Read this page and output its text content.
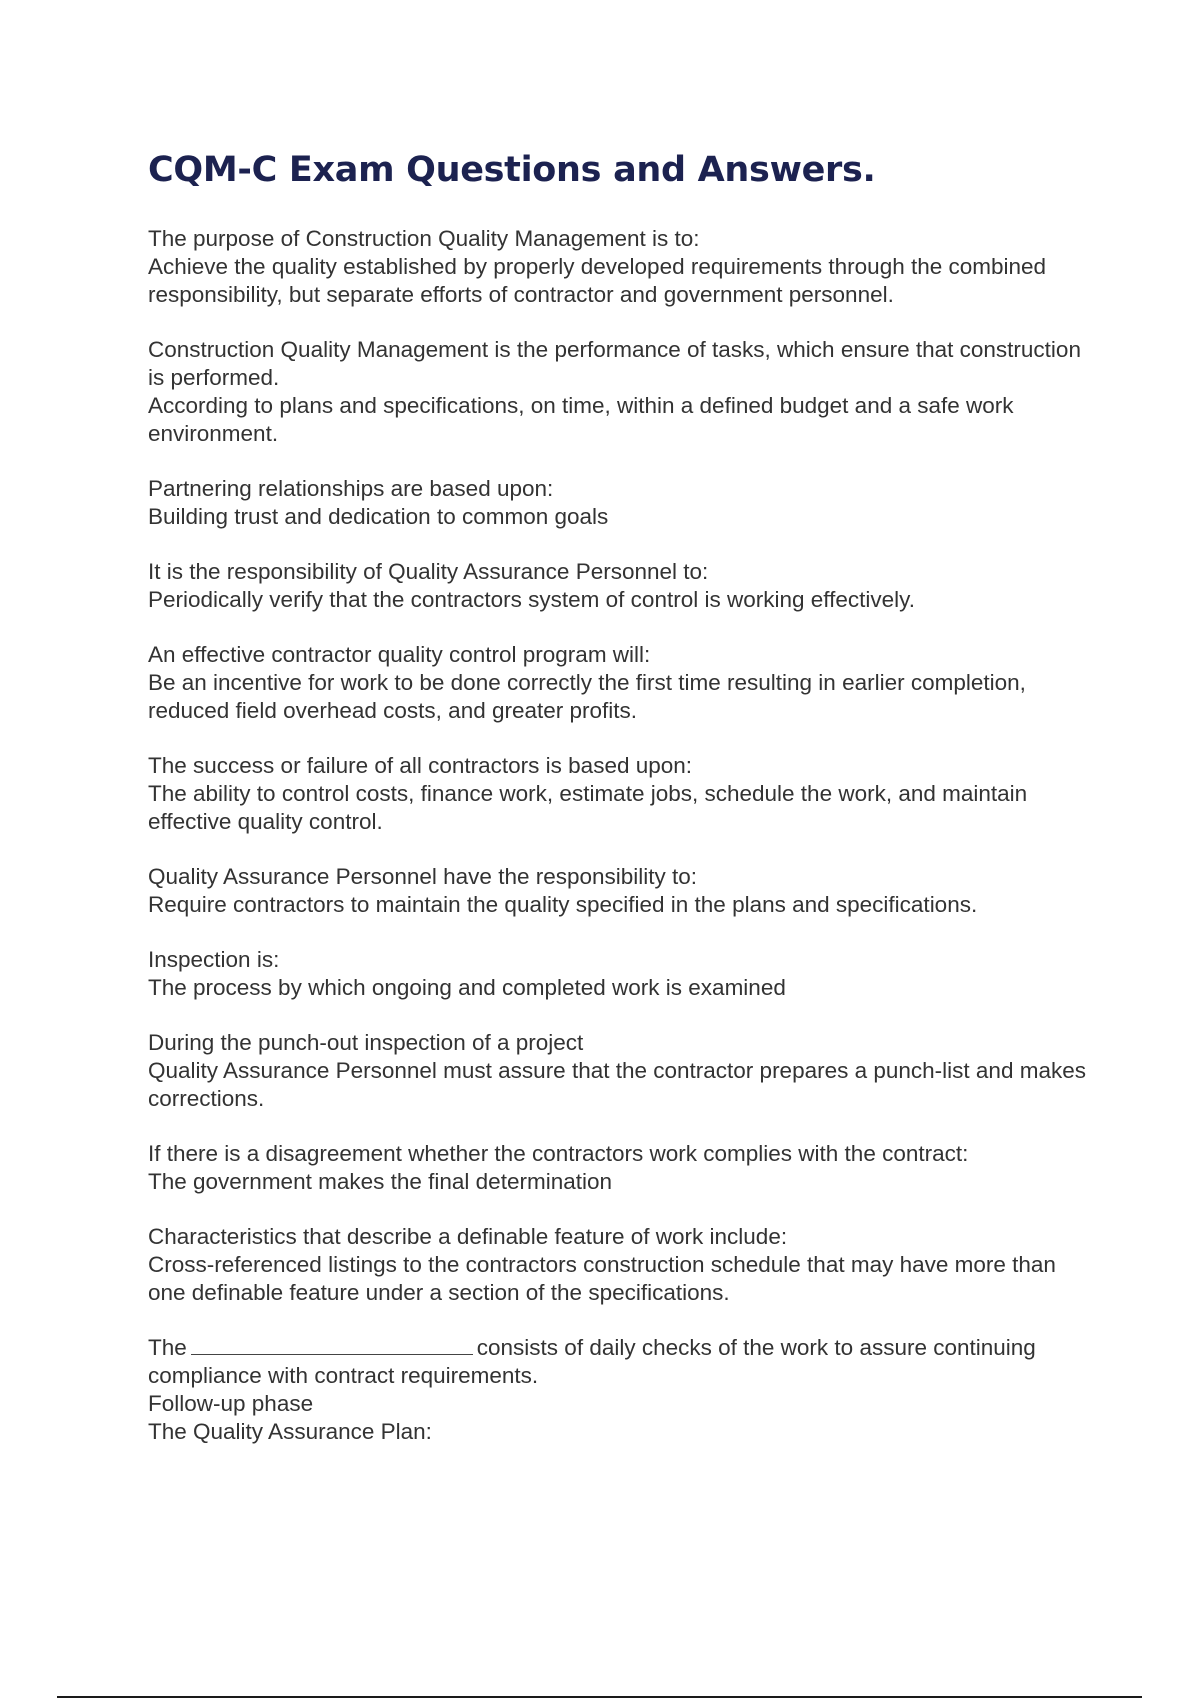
CQM-C Exam Questions and Answers.

The purpose of Construction Quality Management is to:

Achieve the quality established by properly developed requirements through the combined responsibility, but separate efforts of contractor and government personnel.

Construction Quality Management is the performance of tasks, which ensure that construction is performed.

According to plans and specifications, on time, within a defined budget and a safe work environment.

Partnering relationships are based upon:

Building trust and dedication to common goals

It is the responsibility of Quality Assurance Personnel to:

Periodically verify that the contractors system of control is working effectively.

An effective contractor quality control program will:

Be an incentive for work to be done correctly the first time resulting in earlier completion, reduced field overhead costs, and greater profits.

The success or failure of all contractors is based upon:

The ability to control costs, finance work, estimate jobs, schedule the work, and maintain effective quality control.

Quality Assurance Personnel have the responsibility to:

Require contractors to maintain the quality specified in the plans and specifications.

Inspection is:

The process by which ongoing and completed work is examined

During the punch-out inspection of a project

Quality Assurance Personnel must assure that the contractor prepares a punch-list and makes corrections.

If there is a disagreement whether the contractors work complies with the contract:

The government makes the final determination

Characteristics that describe a definable feature of work include:

Cross-referenced listings to the contractors construction schedule that may have more than one definable feature under a section of the specifications.

The	consists of daily checks of the work to assure continuing compliance with contract requirements.

Follow-up phase

The Quality Assurance Plan:
